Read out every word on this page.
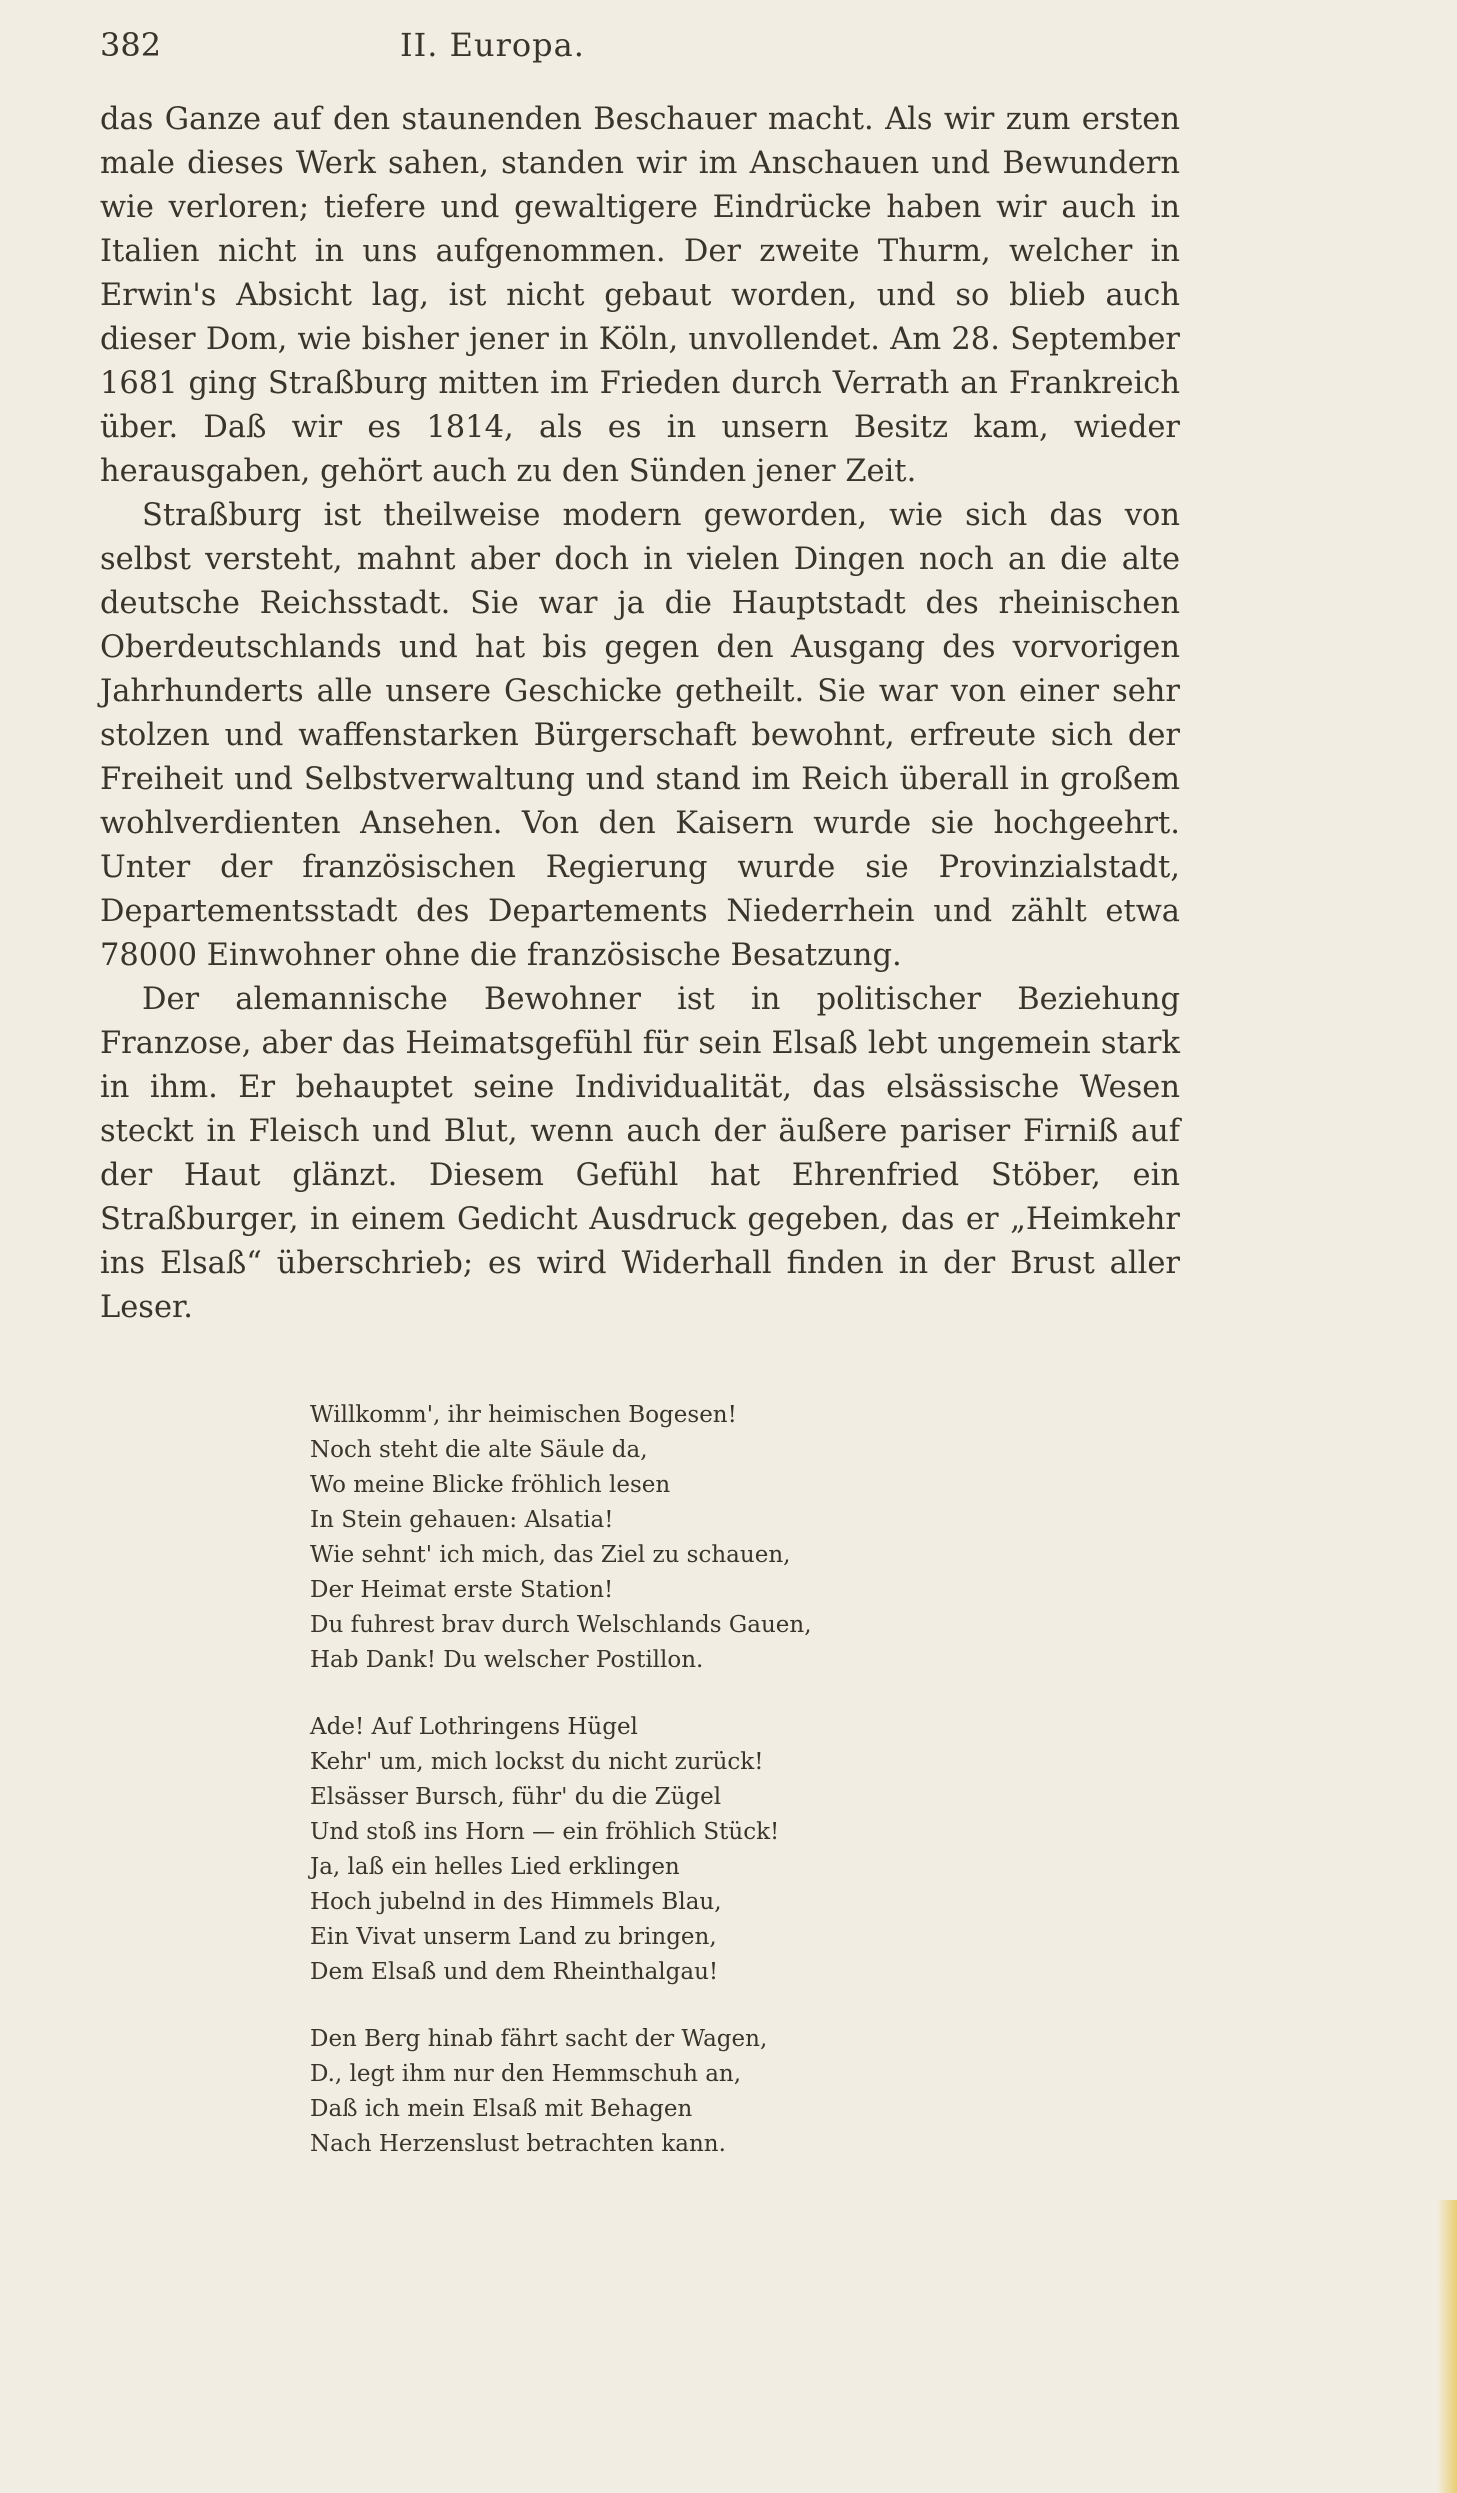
382	II. Europa.

das Ganze auf den staunenden Beschauer macht. Als wir zum ersten male dieses Werk sahen, standen wir im Anschauen und Bewundern wie verloren; tiefere und gewaltigere Eindrücke haben wir auch in Italien nicht in uns aufgenommen. Der zweite Thurm, welcher in Erwin's Absicht lag, ist nicht gebaut worden, und so blieb auch dieser Dom, wie bisher jener in Köln, unvollendet. Am 28. September 1681 ging Straßburg mitten im Frieden durch Verrath an Frankreich über. Daß wir es 1814, als es in unsern Besitz kam, wieder herausgaben, gehört auch zu den Sünden jener Zeit.

Straßburg ist theilweise modern geworden, wie sich das von selbst versteht, mahnt aber doch in vielen Dingen noch an die alte deutsche Reichsstadt. Sie war ja die Hauptstadt des rheinischen Oberdeutschlands und hat bis gegen den Ausgang des vorvorigen Jahrhunderts alle unsere Geschicke getheilt. Sie war von einer sehr stolzen und waffenstarken Bürgerschaft bewohnt, erfreute sich der Freiheit und Selbstverwaltung und stand im Reich überall in großem wohlverdienten Ansehen. Von den Kaisern wurde sie hochgeehrt. Unter der französischen Regierung wurde sie Provinzialstadt, Departementsstadt des Departements Niederrhein und zählt etwa 78000 Einwohner ohne die französische Besatzung.

Der alemannische Bewohner ist in politischer Beziehung Franzose, aber das Heimatsgefühl für sein Elsaß lebt ungemein stark in ihm. Er behauptet seine Individualität, das elsässische Wesen steckt in Fleisch und Blut, wenn auch der äußere pariser Firniß auf der Haut glänzt. Diesem Gefühl hat Ehrenfried Stöber, ein Straßburger, in einem Gedicht Ausdruck gegeben, das er „Heimkehr ins Elsaß“ überschrieb; es wird Widerhall finden in der Brust aller Leser.

Willkomm', ihr heimischen Bogesen!
Noch steht die alte Säule da,
Wo meine Blicke fröhlich lesen
In Stein gehauen: Alsatia!
Wie sehnt' ich mich, das Ziel zu schauen,
Der Heimat erste Station!
Du fuhrest brav durch Welschlands Gauen,
Hab Dank! Du welscher Postillon.
Ade! Auf Lothringens Hügel
Kehr' um, mich lockst du nicht zurück!
Elsässer Bursch, führ' du die Zügel
Und stoß ins Horn — ein fröhlich Stück!
Ja, laß ein helles Lied erklingen
Hoch jubelnd in des Himmels Blau,
Ein Vivat unserm Land zu bringen,
Dem Elsaß und dem Rheinthalgau!
Den Berg hinab fährt sacht der Wagen,
D., legt ihm nur den Hemmschuh an,
Daß ich mein Elsaß mit Behagen
Nach Herzenslust betrachten kann.
